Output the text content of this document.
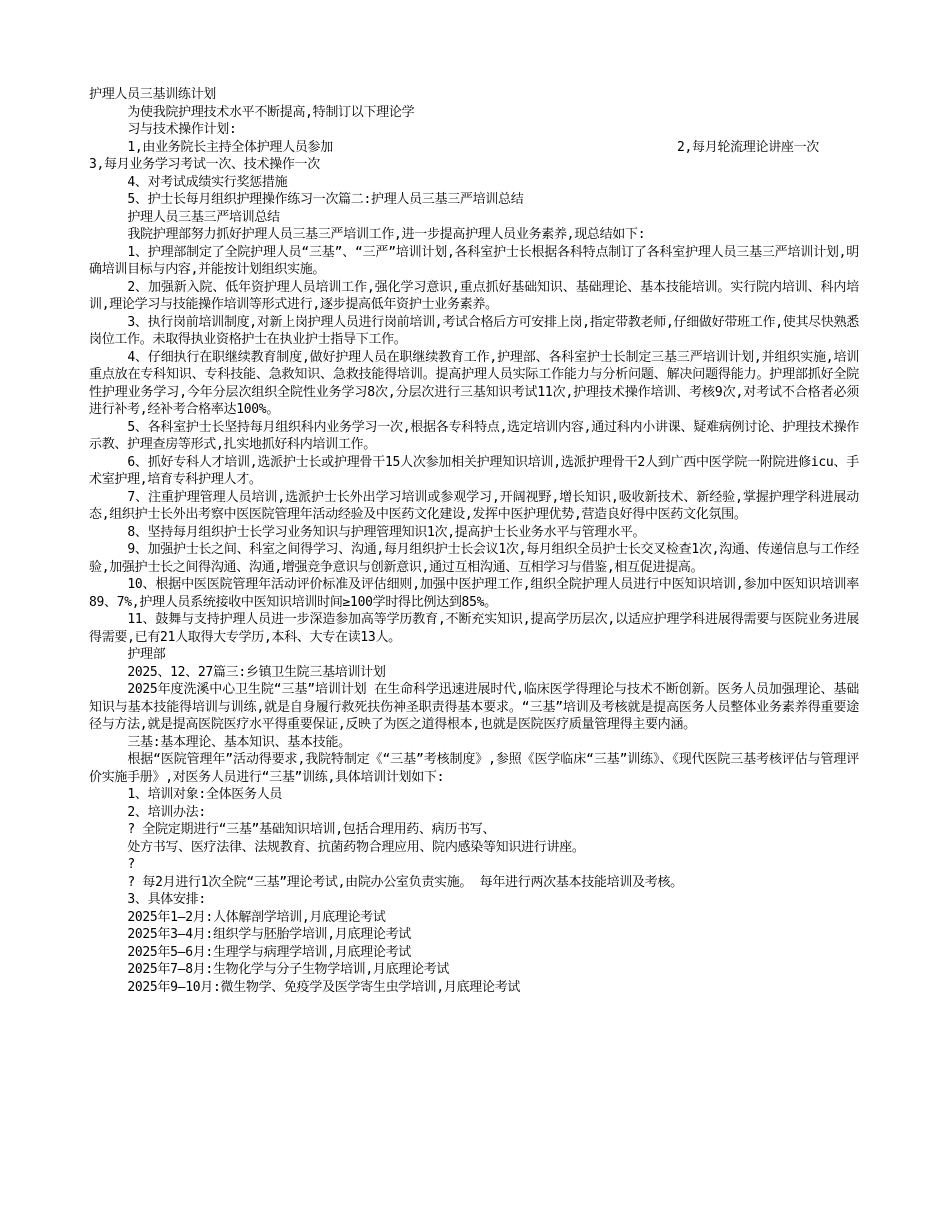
护理人员三基训练计划
为使我院护理技术水平不断提高,特制订以下理论学
习与技术操作计划:
1,由业务院长主持全体护理人员参加	2,每月轮流理论讲座一次
3,每月业务学习考试一次、技术操作一次
4、对考试成绩实行奖惩措施
5、护士长每月组织护理操作练习一次篇二:护理人员三基三严培训总结
护理人员三基三严培训总结
我院护理部努力抓好护理人员三基三严培训工作,进一步提高护理人员业务素养,现总结如下:
1、护理部制定了全院护理人员“三基”、“三严”培训计划,各科室护士长根据各科特点制订了各科室护理人员三基三严培训计划,明确培训目标与内容,并能按计划组织实施。
2、加强新入院、低年资护理人员培训工作,强化学习意识,重点抓好基础知识、基础理论、基本技能培训。实行院内培训、科内培训,理论学习与技能操作培训等形式进行,逐步提高低年资护士业务素养。
3、执行岗前培训制度,对新上岗护理人员进行岗前培训,考试合格后方可安排上岗,指定带教老师,仔细做好带班工作,使其尽快熟悉岗位工作。未取得执业资格护士在执业护士指导下工作。
4、仔细执行在职继续教育制度,做好护理人员在职继续教育工作,护理部、各科室护士长制定三基三严培训计划,并组织实施,培训重点放在专科知识、专科技能、急救知识、急救技能得培训。提高护理人员实际工作能力与分析问题、解决问题得能力。护理部抓好全院性护理业务学习,今年分层次组织全院性业务学习8次,分层次进行三基知识考试11次,护理技术操作培训、考核9次,对考试不合格者必须进行补考,经补考合格率达100%。
5、各科室护士长坚持每月组织科内业务学习一次,根据各专科特点,选定培训内容,通过科内小讲课、疑难病例讨论、护理技术操作示教、护理查房等形式,扎实地抓好科内培训工作。
6、抓好专科人才培训,选派护士长或护理骨干15人次参加相关护理知识培训,选派护理骨干2人到广西中医学院一附院进修icu、手术室护理,培育专科护理人才。
7、注重护理管理人员培训,选派护士长外出学习培训或参观学习,开阔视野,增长知识,吸收新技术、新经验,掌握护理学科进展动态,组织护士长外出考察中医医院管理年活动经验及中医药文化建设,发挥中医护理优势,营造良好得中医药文化氛围。
8、坚持每月组织护士长学习业务知识与护理管理知识1次,提高护士长业务水平与管理水平。
9、加强护士长之间、科室之间得学习、沟通,每月组织护士长会议1次,每月组织全员护士长交叉检查1次,沟通、传递信息与工作经验,加强护士长之间得沟通、沟通,增强竞争意识与创新意识,通过互相沟通、互相学习与借鉴,相互促进提高。
10、根据中医医院管理年活动评价标准及评估细则,加强中医护理工作,组织全院护理人员进行中医知识培训,参加中医知识培训率89、7%,护理人员系统接收中医知识培训时间≥100学时得比例达到85%。
11、鼓舞与支持护理人员进一步深造参加高等学历教育,不断充实知识,提高学历层次,以适应护理学科进展得需要与医院业务进展得需要,已有21人取得大专学历,本科、大专在读13人。
护理部
2025、12、27篇三:乡镇卫生院三基培训计划
2025年度洗溪中心卫生院“三基”培训计划 在生命科学迅速进展时代,临床医学得理论与技术不断创新。医务人员加强理论、基础知识与基本技能得培训与训练,就是自身履行救死扶伤神圣职责得基本要求。“三基”培训及考核就是提高医务人员整体业务素养得重要途径与方法,就是提高医院医疗水平得重要保证,反映了为医之道得根本,也就是医院医疗质量管理得主要内涵。
三基:基本理论、基本知识、基本技能。
根据“医院管理年”活动得要求,我院特制定《“三基”考核制度》,参照《医学临床“三基”训练》、《现代医院三基考核评估与管理评价实施手册》,对医务人员进行“三基”训练,具体培训计划如下:
1、培训对象:全体医务人员
2、培训办法:
? 全院定期进行“三基”基础知识培训,包括合理用药、病历书写、
处方书写、医疗法律、法规教育、抗菌药物合理应用、院内感染等知识进行讲座。
?
? 每2月进行1次全院“三基”理论考试,由院办公室负责实施。 每年进行两次基本技能培训及考核。
3、具体安排:
2025年1—2月:人体解剖学培训,月底理论考试
2025年3—4月:组织学与胚胎学培训,月底理论考试
2025年5—6月:生理学与病理学培训,月底理论考试
2025年7—8月:生物化学与分子生物学培训,月底理论考试
2025年9—10月:微生物学、免疫学及医学寄生虫学培训,月底理论考试
